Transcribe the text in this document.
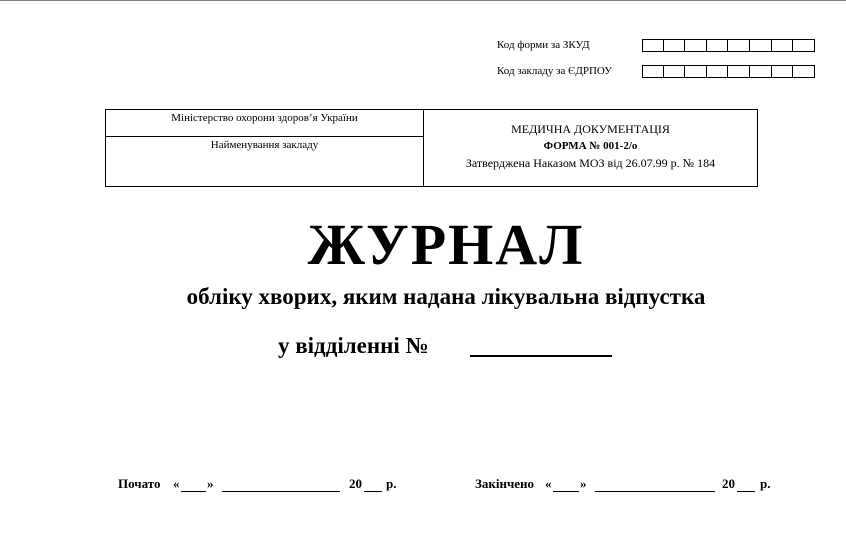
Код форми за ЗКУД
Код закладу за ЄДРПОУ
Міністерство охорони здоров’я України
Найменування закладу
МЕДИЧНА ДОКУМЕНТАЦІЯ
ФОРМА № 001-2/о
Затверджена Наказом МОЗ від 26.07.99 р. № 184
ЖУРНАЛ
обліку хворих, яким надана лікувальна відпустка
у відділенні №
Почато « »	20 р.	Закінчено « »	20 р.
